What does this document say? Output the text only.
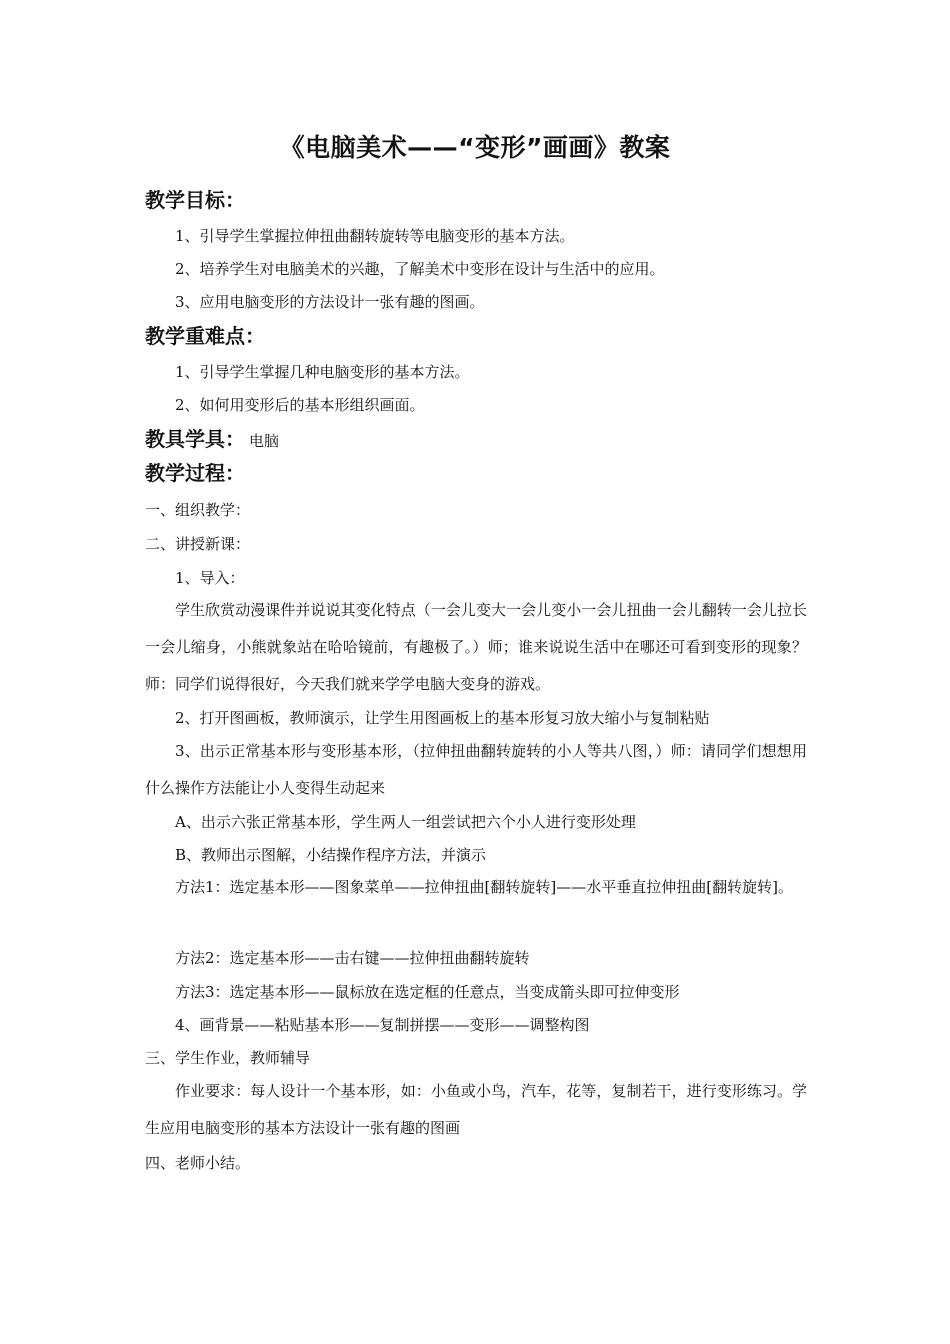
《电脑美术——“变形”画画》教案
教学目标：
1、引导学生掌握拉伸扭曲翻转旋转等电脑变形的基本方法。
2、培养学生对电脑美术的兴趣，了解美术中变形在设计与生活中的应用。
3、应用电脑变形的方法设计一张有趣的图画。
教学重难点：
1、引导学生掌握几种电脑变形的基本方法。
2、如何用变形后的基本形组织画面。
教具学具： 电脑
教学过程：
一、组织教学：
二、讲授新课：
1、导入：
学生欣赏动漫课件并说说其变化特点（一会儿变大一会儿变小一会儿扭曲一会儿翻转一会儿拉长一会儿缩身，小熊就象站在哈哈镜前，有趣极了。）师；谁来说说生活中在哪还可看到变形的现象？师：同学们说得很好，今天我们就来学学电脑大变身的游戏。
2、打开图画板，教师演示，让学生用图画板上的基本形复习放大缩小与复制粘贴
3、出示正常基本形与变形基本形，（拉伸扭曲翻转旋转的小人等共八图，）师：请同学们想想用什么操作方法能让小人变得生动起来
A、出示六张正常基本形，学生两人一组尝试把六个小人进行变形处理
B、教师出示图解，小结操作程序方法，并演示
方法1：选定基本形——图象菜单——拉伸扭曲[翻转旋转]——水平垂直拉伸扭曲[翻转旋转]。
方法2：选定基本形——击右键——拉伸扭曲翻转旋转
方法3：选定基本形——鼠标放在选定框的任意点，当变成箭头即可拉伸变形
4、画背景——粘贴基本形——复制拼摆——变形——调整构图
三、学生作业，教师辅导
作业要求：每人设计一个基本形，如：小鱼或小鸟，汽车，花等，复制若干，进行变形练习。学生应用电脑变形的基本方法设计一张有趣的图画
四、老师小结。
